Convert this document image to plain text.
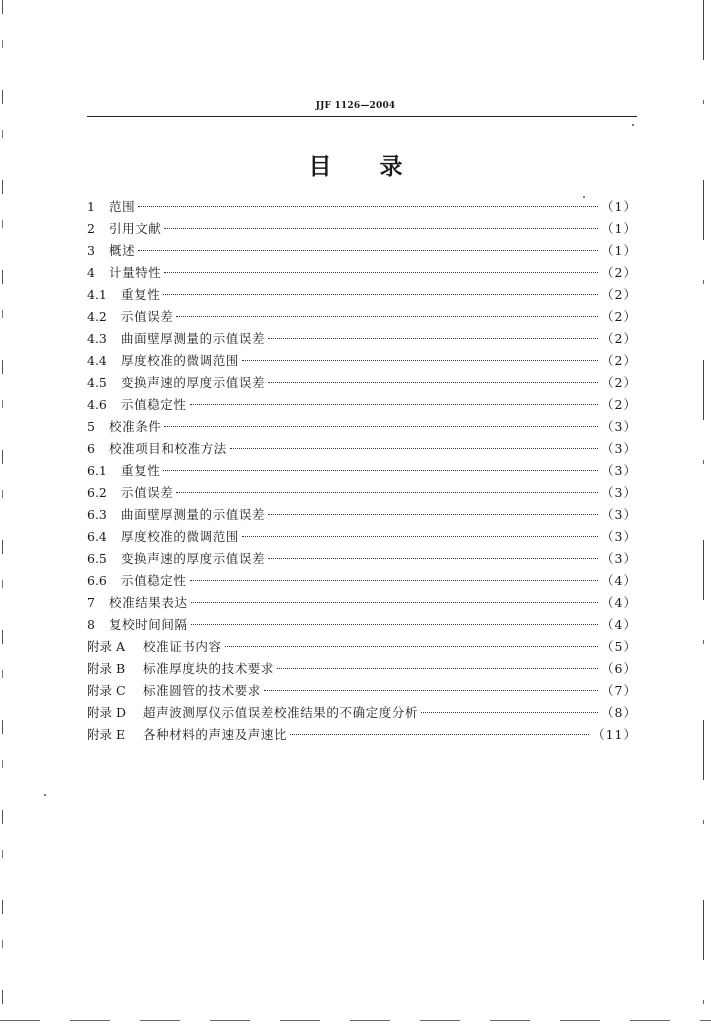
JJF 1126—2004
目 录
1	范围	（1）
2	引用文献	（1）
3	概述	（1）
4	计量特性	（2）
4.1	重复性	（2）
4.2	示值误差	（2）
4.3	曲面壁厚测量的示值误差	（2）
4.4	厚度校准的微调范围	（2）
4.5	变换声速的厚度示值误差	（2）
4.6	示值稳定性	（2）
5	校准条件	（3）
6	校准项目和校准方法	（3）
6.1	重复性	（3）
6.2	示值误差	（3）
6.3	曲面壁厚测量的示值误差	（3）
6.4	厚度校准的微调范围	（3）
6.5	变换声速的厚度示值误差	（3）
6.6	示值稳定性	（4）
7	校准结果表达	（4）
8	复校时间间隔	（4）
附录 A	校准证书内容	（5）
附录 B	标准厚度块的技术要求	（6）
附录 C	标准圆管的技术要求	（7）
附录 D	超声波测厚仪示值误差校准结果的不确定度分析	（8）
附录 E	各种材料的声速及声速比	（11）
